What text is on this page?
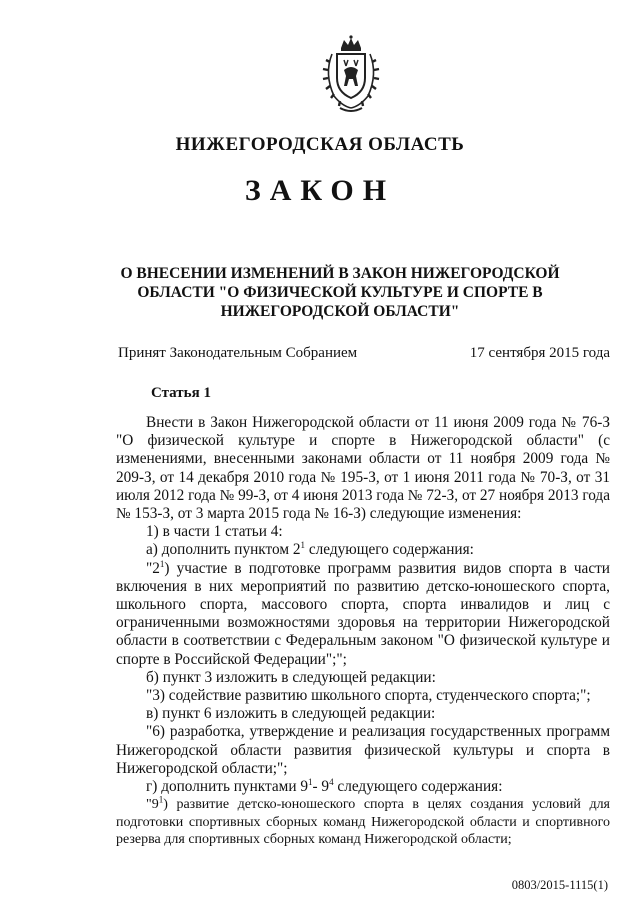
НИЖЕГОРОДСКАЯ ОБЛАСТЬ
ЗАКОН
О ВНЕСЕНИИ ИЗМЕНЕНИЙ В ЗАКОН НИЖЕГОРОДСКОЙ
ОБЛАСТИ "О ФИЗИЧЕСКОЙ КУЛЬТУРЕ И СПОРТЕ В
НИЖЕГОРОДСКОЙ ОБЛАСТИ"
Принят Законодательным Собранием	17 сентября 2015 года
Статья 1

Внести в Закон Нижегородской области от 11 июня 2009 года № 76-З "О физической культуре и спорте в Нижегородской области" (с изменениями, внесенными законами области от 11 ноября 2009 года № 209-З, от 14 декабря 2010 года № 195-З, от 1 июня 2011 года № 70-З, от 31 июля 2012 года № 99-З, от 4 июня 2013 года № 72-З, от 27 ноября 2013 года № 153-З, от 3 марта 2015 года № 16-З) следующие изменения:

1) в части 1 статьи 4:

а) дополнить пунктом $2^1$ следующего содержания:

"$2^1$) участие в подготовке программ развития видов спорта в части включения в них мероприятий по развитию детско-юношеского спорта, школьного спорта, массового спорта, спорта инвалидов и лиц с ограниченными возможностями здоровья на территории Нижегородской области в соответствии с Федеральным законом "О физической культуре и спорте в Российской Федерации";";

б) пункт 3 изложить в следующей редакции:

"3) содействие развитию школьного спорта, студенческого спорта;";

в) пункт 6 изложить в следующей редакции:

"6) разработка, утверждение и реализация государственных программ Нижегородской области развития физической культуры и спорта в Нижегородской области;";

г) дополнить пунктами $9^1-$ $9^4$ следующего содержания:

"$9^1$) развитие детско-юношеского спорта в целях создания условий для подготовки спортивных сборных команд Нижегородской области и спортивного резерва для спортивных сборных команд Нижегородской области;

0803/2015-1115(1)
